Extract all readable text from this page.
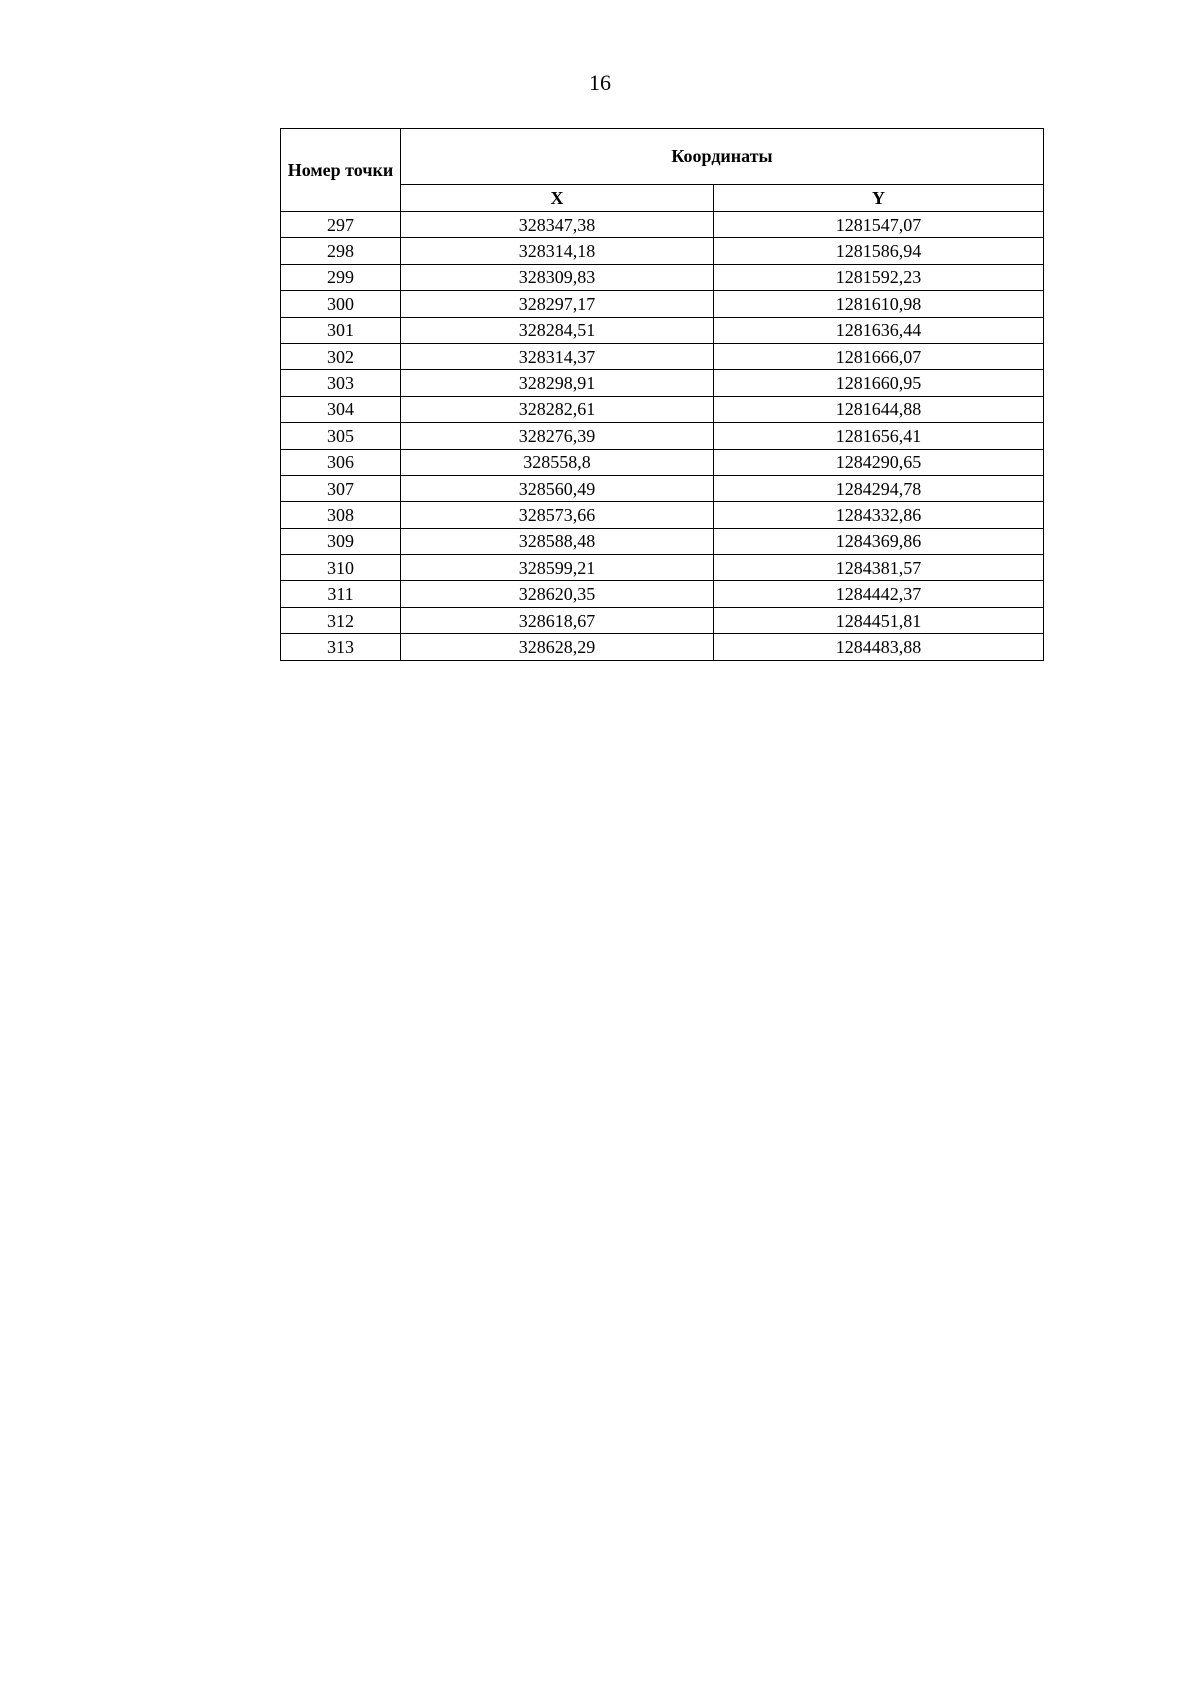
16
Номер точки	Координаты	
	X	Y
297	328347,38	1281547,07
298	328314,18	1281586,94
299	328309,83	1281592,23
300	328297,17	1281610,98
301	328284,51	1281636,44
302	328314,37	1281666,07
303	328298,91	1281660,95
304	328282,61	1281644,88
305	328276,39	1281656,41
306	328558,8	1284290,65
307	328560,49	1284294,78
308	328573,66	1284332,86
309	328588,48	1284369,86
310	328599,21	1284381,57
311	328620,35	1284442,37
312	328618,67	1284451,81
313	328628,29	1284483,88
